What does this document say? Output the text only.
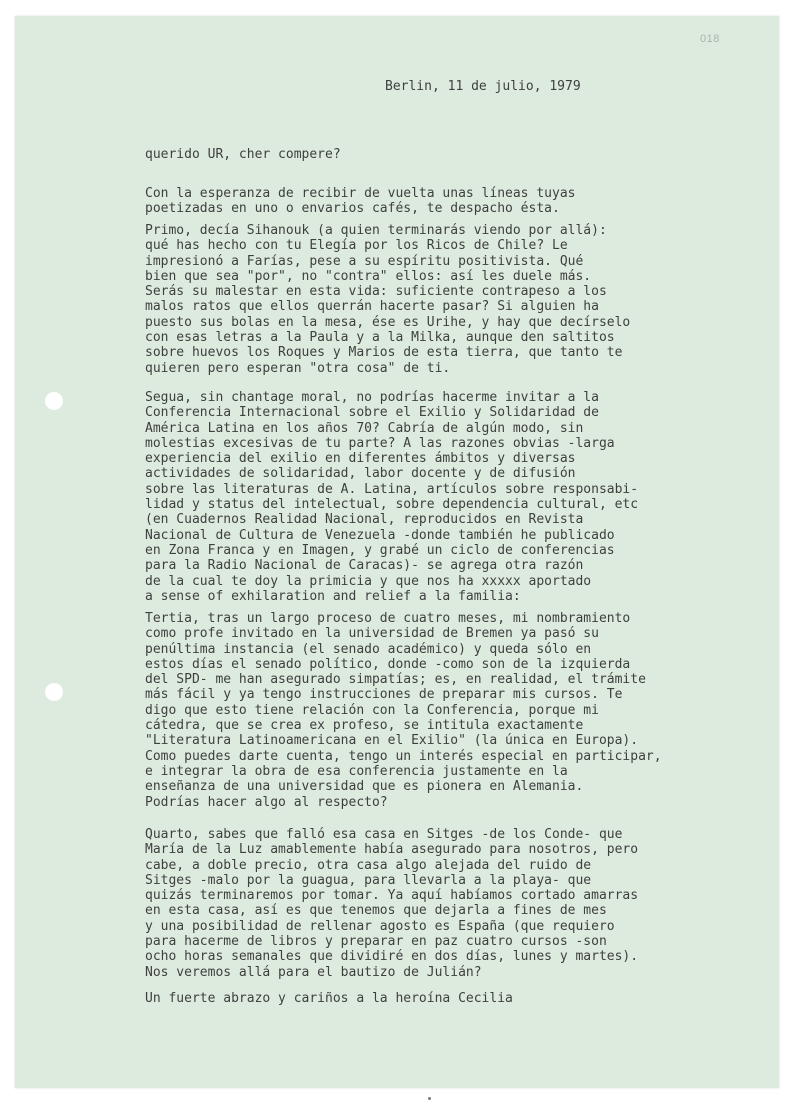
018

Berlin, 11 de julio, 1979

querido UR, cher compere?

Con la esperanza de recibir de vuelta unas líneas tuyas
poetizadas en uno o envarios cafés, te despacho ésta.

Primo, decía Sihanouk (a quien terminarás viendo por allá):
qué has hecho con tu Elegía por los Ricos de Chile? Le
impresionó a Farías, pese a su espíritu positivista. Qué
bien que sea "por", no "contra" ellos: así les duele más.
Serás su malestar en esta vida: suficiente contrapeso a los
malos ratos que ellos querrán hacerte pasar? Si alguien ha
puesto sus bolas en la mesa, ése es Urihe, y hay que decírselo
con esas letras a la Paula y a la Milka, aunque den saltitos
sobre huevos los Roques y Marios de esta tierra, que tanto te
quieren pero esperan "otra cosa" de ti.

Segua, sin chantage moral, no podrías hacerme invitar a la
Conferencia Internacional sobre el Exilio y Solidaridad de
América Latina en los años 70? Cabría de algún modo, sin
molestias excesivas de tu parte? A las razones obvias -larga
experiencia del exilio en diferentes ámbitos y diversas
actividades de solidaridad, labor docente y de difusión
sobre las literaturas de A. Latina, artículos sobre responsabi-
lidad y status del intelectual, sobre dependencia cultural, etc
(en Cuadernos Realidad Nacional, reproducidos en Revista
Nacional de Cultura de Venezuela -donde también he publicado
en Zona Franca y en Imagen, y grabé un ciclo de conferencias
para la Radio Nacional de Caracas)- se agrega otra razón
de la cual te doy la primicia y que nos ha xxxxx aportado
a sense of exhilaration and relief a la familia:

Tertia, tras un largo proceso de cuatro meses, mi nombramiento
como profe invitado en la universidad de Bremen ya pasó su
penúltima instancia (el senado académico) y queda sólo en
estos días el senado político, donde -como son de la izquierda
del SPD- me han asegurado simpatías; es, en realidad, el trámite
más fácil y ya tengo instrucciones de preparar mis cursos. Te
digo que esto tiene relación con la Conferencia, porque mi
cátedra, que se crea ex profeso, se intitula exactamente
"Literatura Latinoamericana en el Exilio" (la única en Europa).
Como puedes darte cuenta, tengo un interés especial en participar,
e integrar la obra de esa conferencia justamente en la
enseñanza de una universidad que es pionera en Alemania.
Podrías hacer algo al respecto?

Quarto, sabes que falló esa casa en Sitges -de los Conde- que
María de la Luz amablemente había asegurado para nosotros, pero
cabe, a doble precio, otra casa algo alejada del ruido de
Sitges -malo por la guagua, para llevarla a la playa- que
quizás terminaremos por tomar. Ya aquí habíamos cortado amarras
en esta casa, así es que tenemos que dejarla a fines de mes
y una posibilidad de rellenar agosto es España (que requiero
para hacerme de libros y preparar en paz cuatro cursos -son
ocho horas semanales que dividiré en dos días, lunes y martes).
Nos veremos allá para el bautizo de Julián?

Un fuerte abrazo y cariños a la heroína Cecilia
